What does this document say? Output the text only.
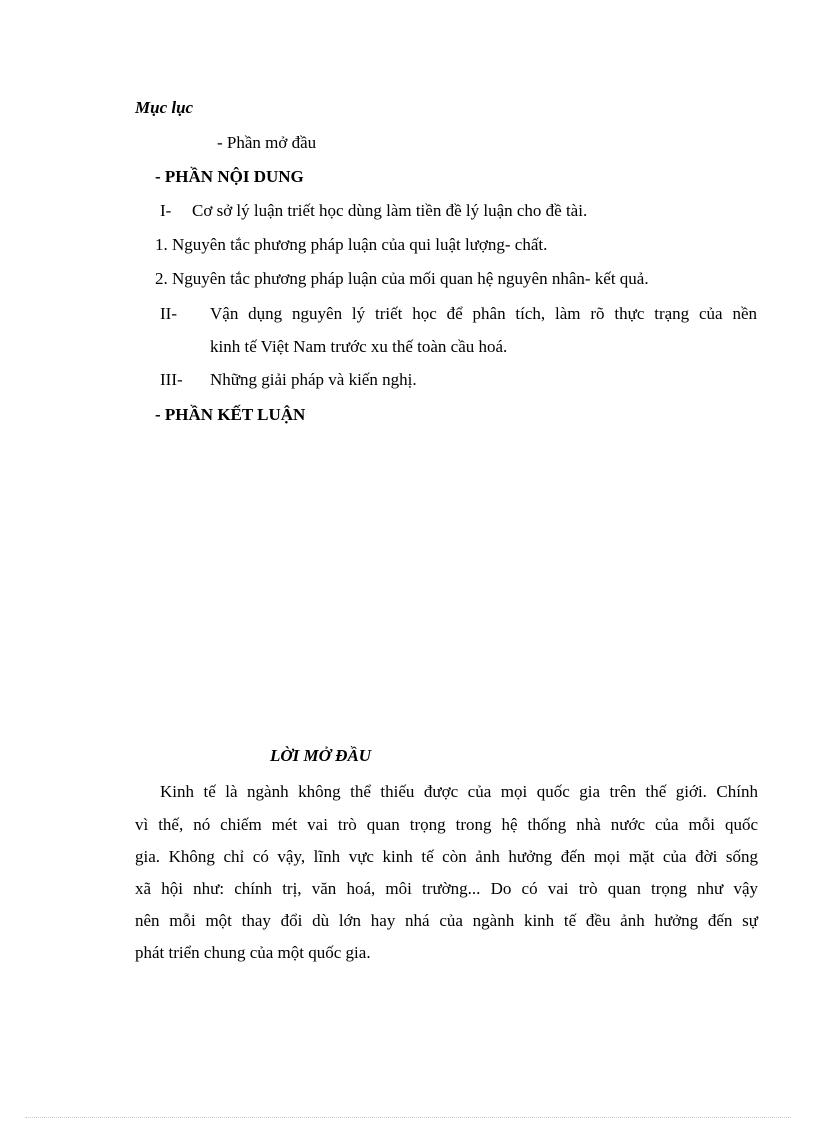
Mục lục
- Phần mở đầu
- PHẦN NỘI DUNG
I- Cơ sở lý luận triết học dùng làm tiền đề lý luận cho đề tài.
1. Nguyên tắc phương pháp luận của qui luật lượng- chất.
2. Nguyên tắc phương pháp luận của mối quan hệ nguyên nhân- kết quả.
II- Vận dụng nguyên lý triết học để phân tích, làm rõ thực trạng của nền
kinh tế Việt Nam trước xu thế toàn cầu hoá.
III- Những giải pháp và kiến nghị.
- PHẦN KẾT LUẬN
LỜI MỞ ĐẦU
Kinh tế là ngành không thể thiếu được của mọi quốc gia trên thế giới. Chính
vì thế, nó chiếm mét vai trò quan trọng trong hệ thống nhà nước của mỗi quốc
gia. Không chỉ có vậy, lĩnh vực kinh tế còn ảnh hưởng đến mọi mặt của đời sống
xã hội như: chính trị, văn hoá, môi trường... Do có vai trò quan trọng như vậy
nên mỗi một thay đổi dù lớn hay nhá của ngành kinh tế đều ảnh hưởng đến sự
phát triển chung của một quốc gia.
